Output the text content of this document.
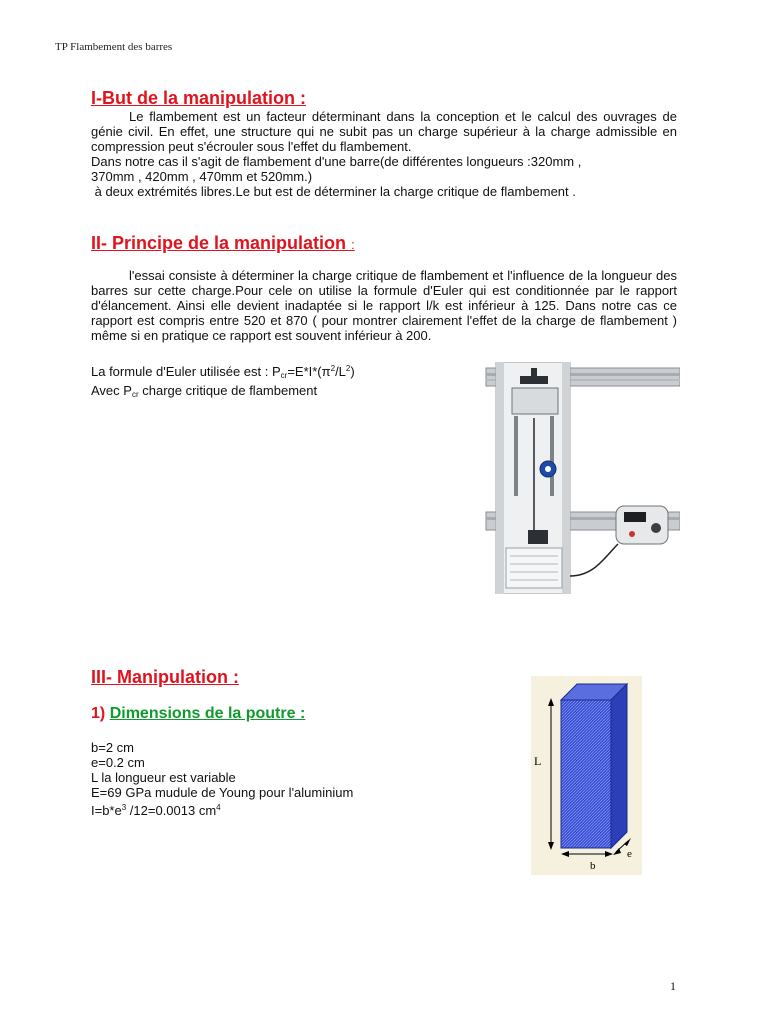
TP Flambement des barres
I-But de la manipulation :

Le flambement est un facteur déterminant dans la conception et le calcul des ouvrages de génie civil. En effet, une structure qui ne subit pas un charge supérieur à la charge admissible en compression peut s'écrouler sous l'effet du flambement.

Dans notre cas il s'agit de flambement d'une barre(de différentes longueurs :320mm ,

370mm , 420mm , 470mm et 520mm.)

à deux extrémités libres.Le but est de déterminer la charge critique de flambement .

II- Principe de la manipulation :

l'essai consiste à déterminer la charge critique de flambement et l'influence de la longueur des barres sur cette charge.Pour cele on utilise la formule d'Euler qui est conditionnée par le rapport d'élancement. Ainsi elle devient inadaptée si le rapport l/k est inférieur à 125. Dans notre cas ce rapport est compris entre 520 et 870 ( pour montrer clairement l'effet de la charge de flambement ) même si en pratique ce rapport est souvent inférieur à 200.

La formule d'Euler utilisée est : $P_{cr}=E*I*(\pi^2/L^2)$

Avec $P_{cr}$ charge critique de flambement

III- Manipulation :
1) Dimensions de la poutre :

b=2 cm

e=0.2 cm

L la longueur est variable

E=69 GPa mudule de Young pour l'aluminium

$I=b*e^3$ /12=0.0013 $cm^4$

L
b
e
1
